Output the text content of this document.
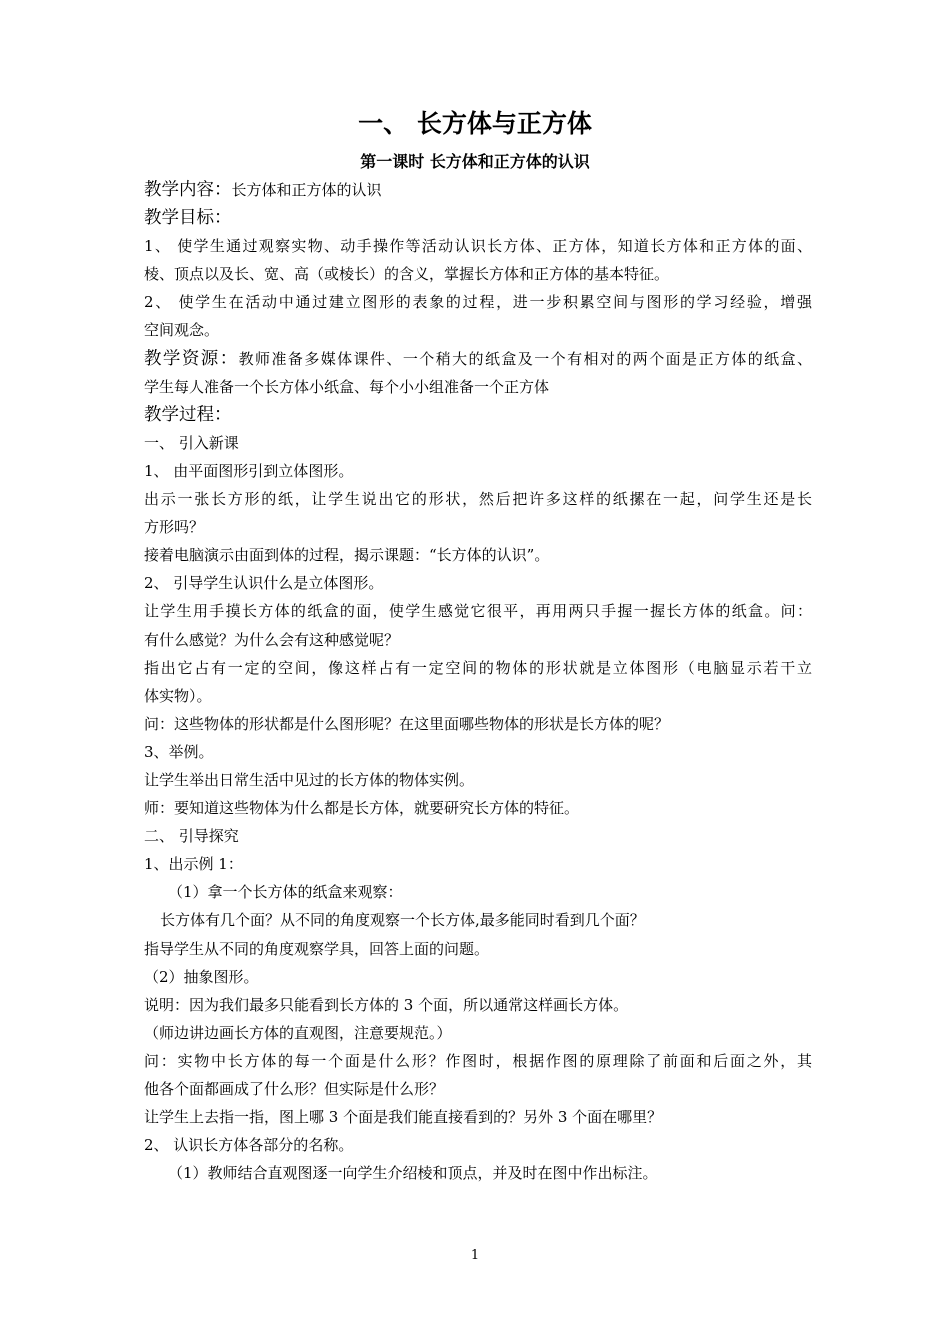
一、 长方体与正方体
第一课时 长方体和正方体的认识
教学内容：长方体和正方体的认识
教学目标：
1、 使学生通过观察实物、动手操作等活动认识长方体、正方体，知道长方体和正方体的面、
棱、顶点以及长、宽、高（或棱长）的含义，掌握长方体和正方体的基本特征。
2、 使学生在活动中通过建立图形的表象的过程，进一步积累空间与图形的学习经验，增强
空间观念。
教学资源：教师准备多媒体课件、一个稍大的纸盒及一个有相对的两个面是正方体的纸盒、
学生每人准备一个长方体小纸盒、每个小小组准备一个正方体
教学过程：
一、 引入新课
1、 由平面图形引到立体图形。
出示一张长方形的纸，让学生说出它的形状，然后把许多这样的纸摞在一起，问学生还是长
方形吗？
接着电脑演示由面到体的过程，揭示课题：“长方体的认识”。
2、 引导学生认识什么是立体图形。
让学生用手摸长方体的纸盒的面，使学生感觉它很平，再用两只手握一握长方体的纸盒。问：
有什么感觉？为什么会有这种感觉呢？
指出它占有一定的空间，像这样占有一定空间的物体的形状就是立体图形（电脑显示若干立
体实物）。
问：这些物体的形状都是什么图形呢？在这里面哪些物体的形状是长方体的呢？
3、举例。
让学生举出日常生活中见过的长方体的物体实例。
师：要知道这些物体为什么都是长方体，就要研究长方体的特征。
二、 引导探究
1、出示例 1：
（1）拿一个长方体的纸盒来观察：
长方体有几个面？从不同的角度观察一个长方体,最多能同时看到几个面？
指导学生从不同的角度观察学具，回答上面的问题。
（2）抽象图形。
说明：因为我们最多只能看到长方体的 3 个面，所以通常这样画长方体。
（师边讲边画长方体的直观图，注意要规范。）
问：实物中长方体的每一个面是什么形？作图时，根据作图的原理除了前面和后面之外，其
他各个面都画成了什么形？但实际是什么形？
让学生上去指一指，图上哪 3 个面是我们能直接看到的？另外 3 个面在哪里？
2、 认识长方体各部分的名称。
（1）教师结合直观图逐一向学生介绍棱和顶点，并及时在图中作出标注。
1
